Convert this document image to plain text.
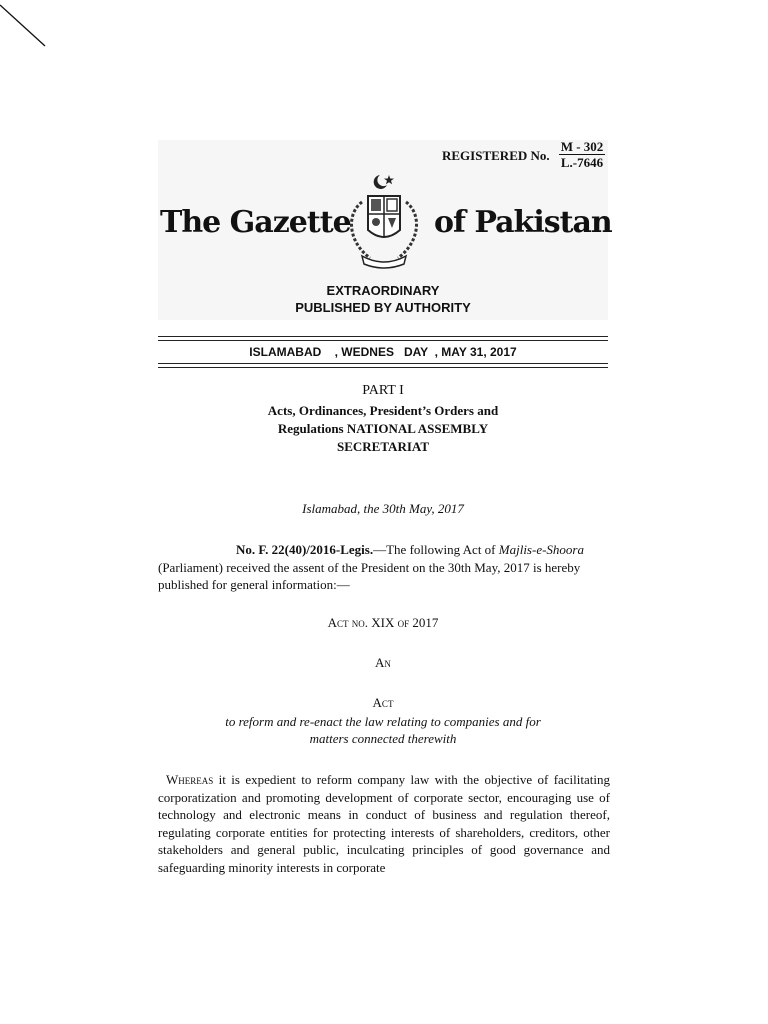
REGISTERED No. $\frac{M - 302}{L.-7646}$
The Gazette	of Pakistan
EXTRAORDINARY
PUBLISHED BY AUTHORITY
ISLAMABAD    , WEDNES   DAY  , MAY 31, 2017
PART I
Acts, Ordinances, President’s Orders and
Regulations NATIONAL ASSEMBLY
SECRETARIAT
Islamabad, the 30th May, 2017
No. F. 22(40)/2016-Legis.—The following Act of Majlis-e-Shoora
(Parliament) received the assent of the President on the 30th May, 2017 is hereby
published for general information:—
Act no. XIX of 2017
An
Act
to reform and re-enact the law relating to companies and for
matters connected therewith
Whereas it is expedient to reform company law with the objective of facilitating corporatization and promoting development of corporate sector, encouraging use of technology and electronic means in conduct of business and regulation thereof, regulating corporate entities for protecting interests of shareholders, creditors, other stakeholders and general public, inculcating principles of good governance and safeguarding minority interests in corporate
